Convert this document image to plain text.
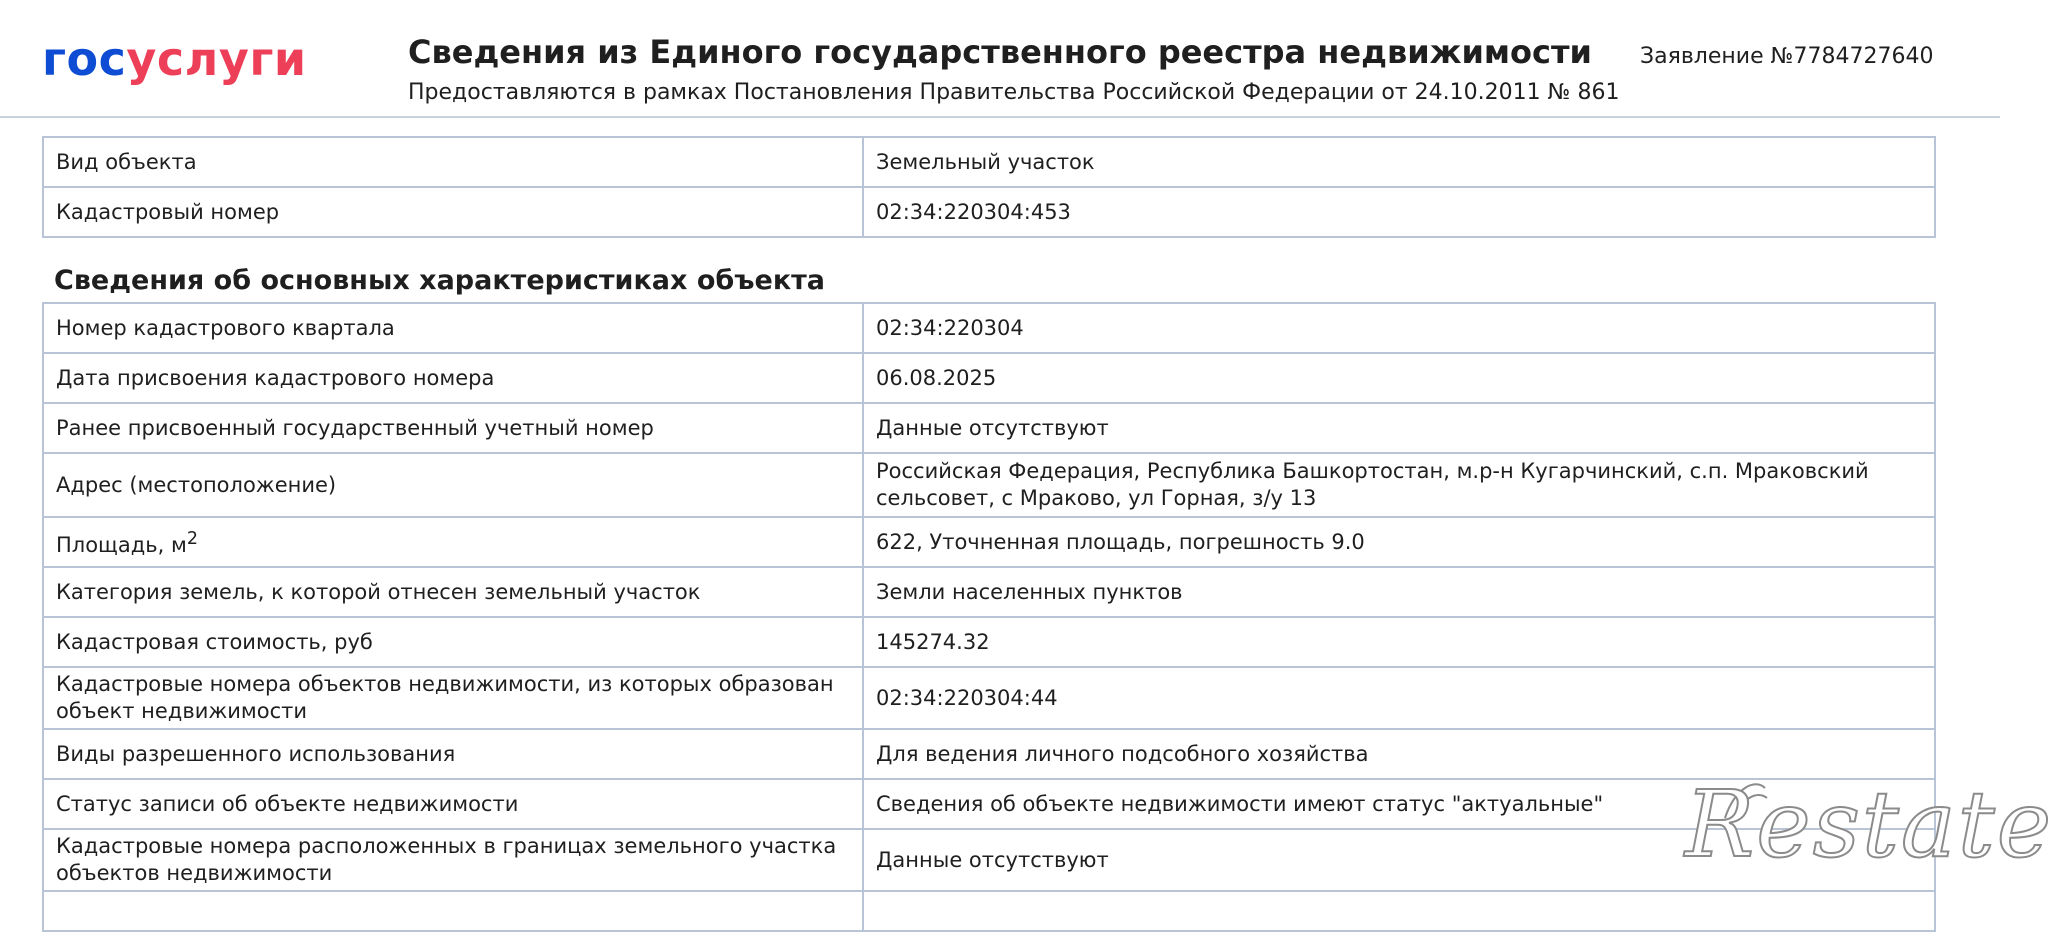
госуслуги	Сведения из Единого государственного реестра недвижимости
Предоставляются в рамках Постановления Правительства Российской Федерации от 24.10.2011 № 861
Заявление №7784727640
Вид объекта	Земельный участок
Кадастровый номер	02:34:220304:453
Сведения об основных характеристиках объекта
Номер кадастрового квартала	02:34:220304
Дата присвоения кадастрового номера	06.08.2025
Ранее присвоенный государственный учетный номер	Данные отсутствуют
Адрес (местоположение)	Российская Федерация, Республика Башкортостан, м.р-н Кугарчинский, с.п. Мраковский сельсовет, с Мраково, ул Горная, з/у 13
Площадь, $м^2$	622, Уточненная площадь, погрешность 9.0
Категория земель, к которой отнесен земельный участок	Земли населенных пунктов
Кадастровая стоимость, руб	145274.32
Кадастровые номера объектов недвижимости, из которых образован объект недвижимости	02:34:220304:44
Виды разрешенного использования	Для ведения личного подсобного хозяйства
Статус записи об объекте недвижимости	Сведения об объекте недвижимости имеют статус "актуальные"
Кадастровые номера расположенных в границах земельного участка объектов недвижимости	Данные отсутствуют
		Restate
